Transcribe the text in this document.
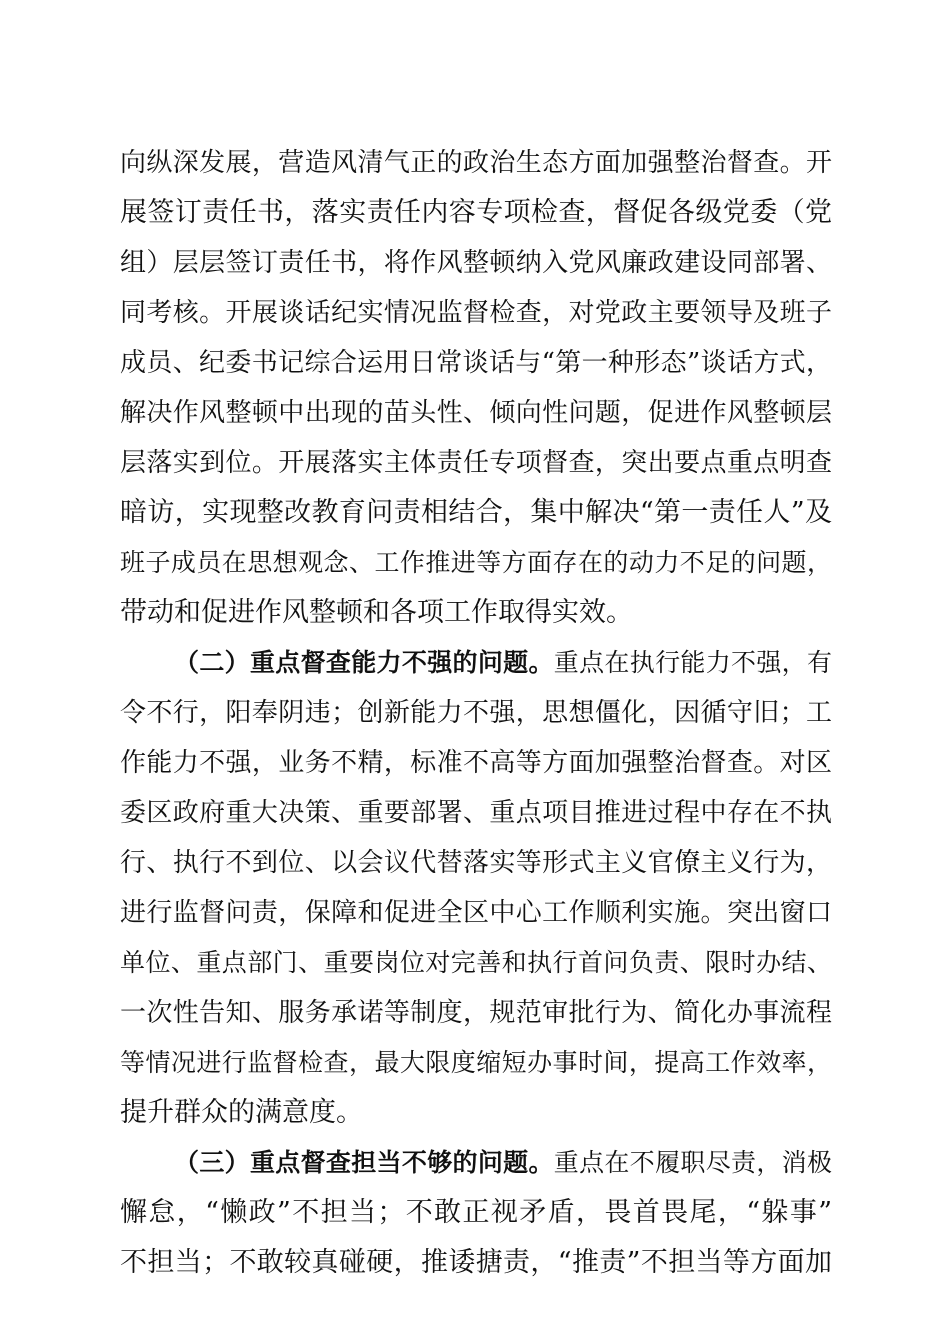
向纵深发展，营造风清气正的政治生态方面加强整治督查。开
展签订责任书，落实责任内容专项检查，督促各级党委（党
组）层层签订责任书，将作风整顿纳入党风廉政建设同部署、
同考核。开展谈话纪实情况监督检查，对党政主要领导及班子
成员、纪委书记综合运用日常谈话与“第一种形态”谈话方式，
解决作风整顿中出现的苗头性、倾向性问题，促进作风整顿层
层落实到位。开展落实主体责任专项督查，突出要点重点明查
暗访，实现整改教育问责相结合，集中解决“第一责任人”及
班子成员在思想观念、工作推进等方面存在的动力不足的问题，
带动和促进作风整顿和各项工作取得实效。
（二）重点督查能力不强的问题。重点在执行能力不强，有
令不行，阳奉阴违；创新能力不强，思想僵化，因循守旧；工
作能力不强，业务不精，标准不高等方面加强整治督查。对区
委区政府重大决策、重要部署、重点项目推进过程中存在不执
行、执行不到位、以会议代替落实等形式主义官僚主义行为，
进行监督问责，保障和促进全区中心工作顺利实施。突出窗口
单位、重点部门、重要岗位对完善和执行首问负责、限时办结、
一次性告知、服务承诺等制度，规范审批行为、简化办事流程
等情况进行监督检查，最大限度缩短办事时间，提高工作效率，
提升群众的满意度。
（三）重点督查担当不够的问题。重点在不履职尽责，消极
懈怠，“懒政”不担当；不敢正视矛盾，畏首畏尾，“躲事”
不担当；不敢较真碰硬，推诿搪责，“推责”不担当等方面加
